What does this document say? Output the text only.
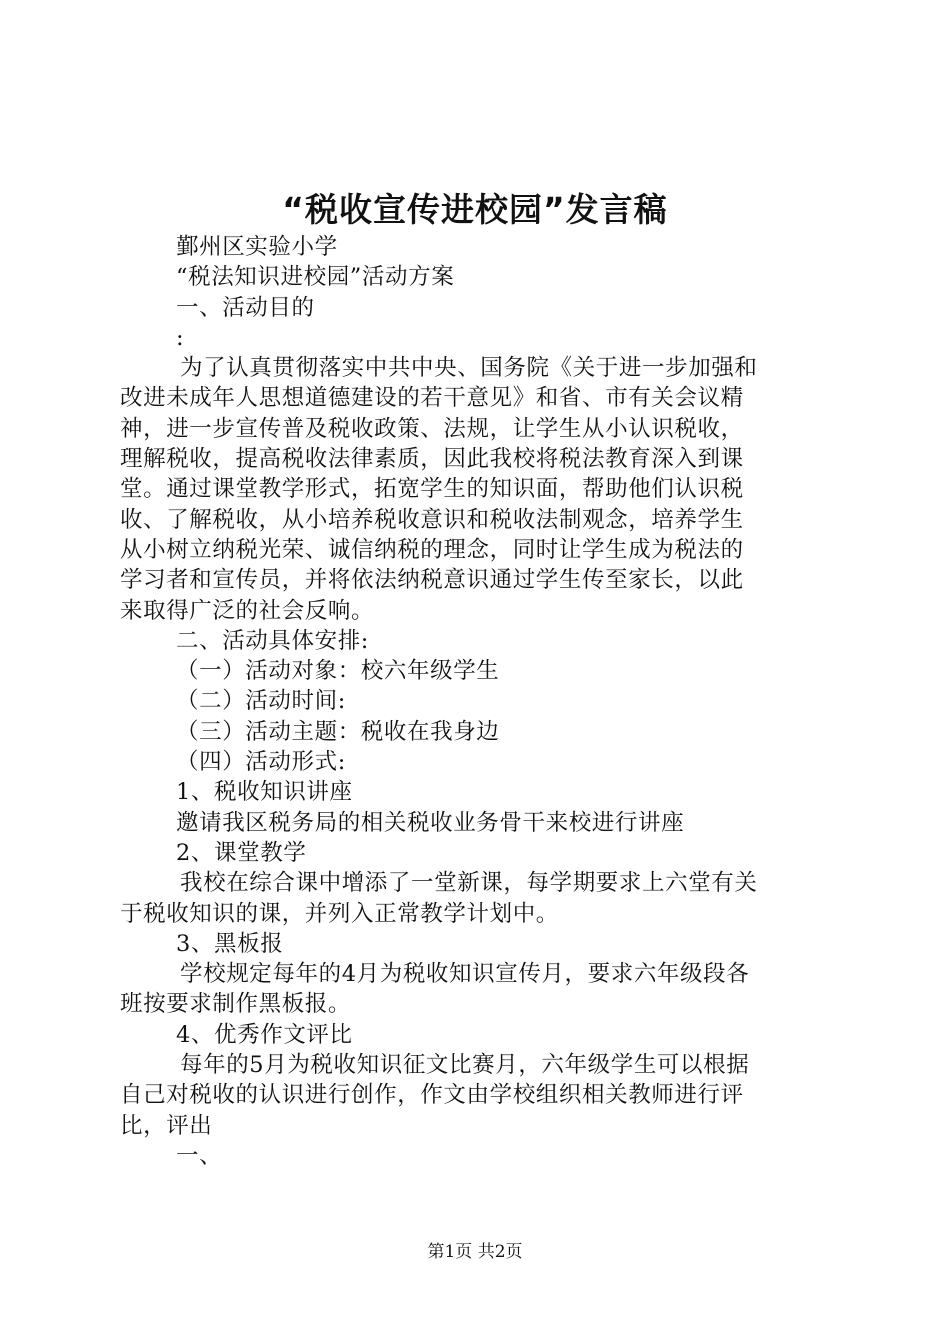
“税收宣传进校园”发言稿
鄞州区实验小学
“税法知识进校园”活动方案
一、活动目的
:
为了认真贯彻落实中共中央、国务院《关于进一步加强和
改进未成年人思想道德建设的若干意见》和省、市有关会议精
神，进一步宣传普及税收政策、法规，让学生从小认识税收，
理解税收，提高税收法律素质，因此我校将税法教育深入到课
堂。通过课堂教学形式，拓宽学生的知识面，帮助他们认识税
收、了解税收，从小培养税收意识和税收法制观念，培养学生
从小树立纳税光荣、诚信纳税的理念，同时让学生成为税法的
学习者和宣传员，并将依法纳税意识通过学生传至家长，以此
来取得广泛的社会反响。
二、活动具体安排:
（一）活动对象：校六年级学生
（二）活动时间:
（三）活动主题：税收在我身边
（四）活动形式:
1、税收知识讲座
邀请我区税务局的相关税收业务骨干来校进行讲座
2、课堂教学
我校在综合课中增添了一堂新课，每学期要求上六堂有关
于税收知识的课，并列入正常教学计划中。
3、黑板报
学校规定每年的4月为税收知识宣传月，要求六年级段各
班按要求制作黑板报。
4、优秀作文评比
每年的5月为税收知识征文比赛月，六年级学生可以根据
自己对税收的认识进行创作，作文由学校组织相关教师进行评
比，评出
一、
第1页 共2页
